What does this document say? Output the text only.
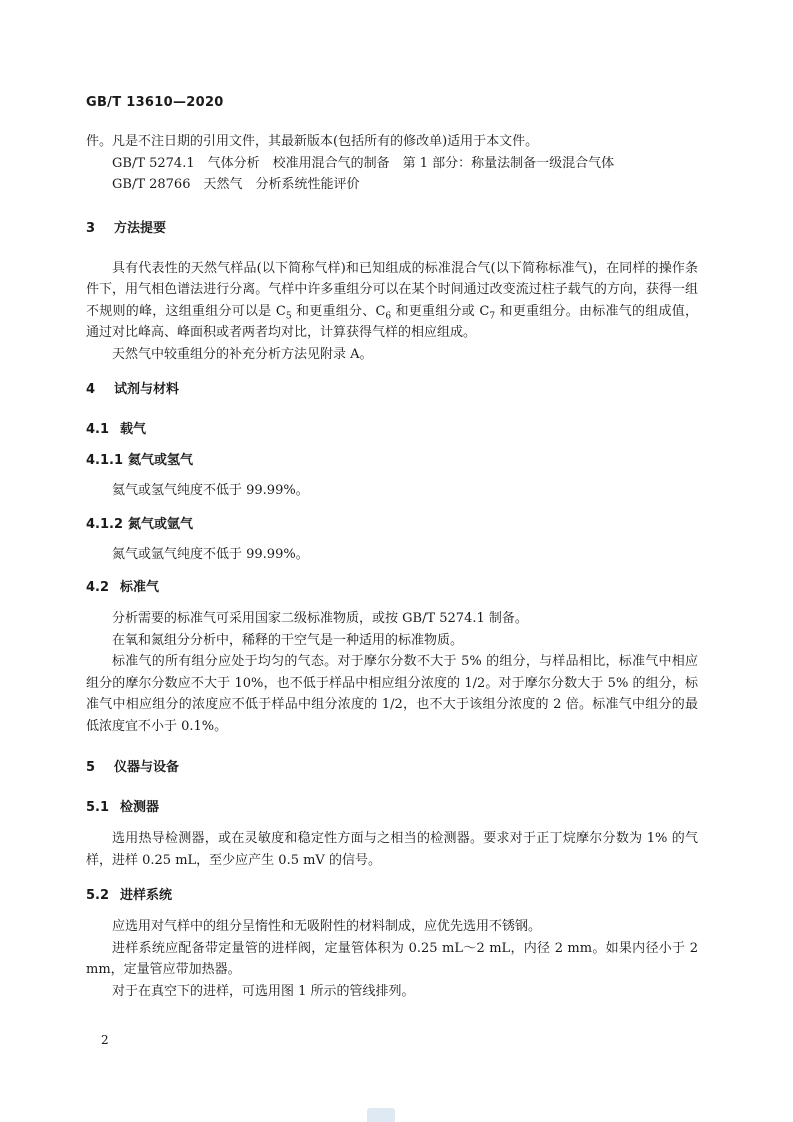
GB/T 13610—2020

件。凡是不注日期的引用文件，其最新版本(包括所有的修改单)适用于本文件。

GB/T 5274.1　气体分析　校准用混合气的制备　第 1 部分：称量法制备一级混合气体
GB/T 28766　天然气　分析系统性能评价
3 方法提要

具有代表性的天然气样品(以下简称气样)和已知组成的标准混合气(以下简称标准气)，在同样的操作条件下，用气相色谱法进行分离。气样中许多重组分可以在某个时间通过改变流过柱子载气的方向，获得一组不规则的峰，这组重组分可以是 $C_5$ 和更重组分、$C_6$ 和更重组分或 $C_7$ 和更重组分。由标准气的组成值，通过对比峰高、峰面积或者两者均对比，计算获得气样的相应组成。

天然气中较重组分的补充分析方法见附录 A。

4 试剂与材料
4.1 载气
4.1.1 氦气或氢气

氦气或氢气纯度不低于 99.99%。

4.1.2 氮气或氩气

氮气或氩气纯度不低于 99.99%。

4.2 标准气

分析需要的标准气可采用国家二级标准物质，或按 GB/T 5274.1 制备。

在氧和氮组分分析中，稀释的干空气是一种适用的标准物质。

标准气的所有组分应处于均匀的气态。对于摩尔分数不大于 5% 的组分，与样品相比，标准气中相应组分的摩尔分数应不大于 10%，也不低于样品中相应组分浓度的 1/2。对于摩尔分数大于 5% 的组分，标准气中相应组分的浓度应不低于样品中组分浓度的 1/2，也不大于该组分浓度的 2 倍。标准气中组分的最低浓度宜不小于 0.1%。

5 仪器与设备
5.1 检测器

选用热导检测器，或在灵敏度和稳定性方面与之相当的检测器。要求对于正丁烷摩尔分数为 1% 的气样，进样 0.25 mL，至少应产生 0.5 mV 的信号。

5.2 进样系统

应选用对气样中的组分呈惰性和无吸附性的材料制成，应优先选用不锈钢。

进样系统应配备带定量管的进样阀，定量管体积为 0.25 mL～2 mL，内径 2 mm。如果内径小于 2 mm，定量管应带加热器。

对于在真空下的进样，可选用图 1 所示的管线排列。

2
